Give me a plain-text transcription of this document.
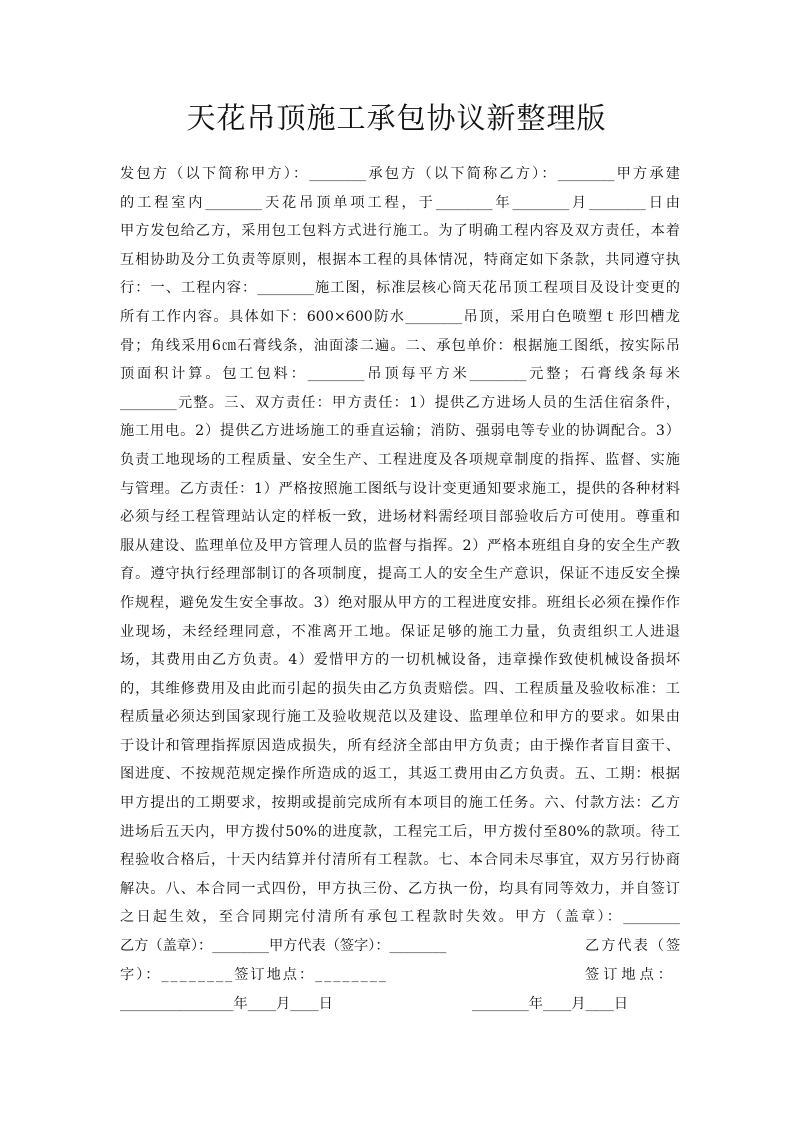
天花吊顶施工承包协议新整理版
发包方（以下简称甲方）：________承包方（以下简称乙方）：________甲方承建
的工程室内________天花吊顶单项工程，于________年________月________日由
甲方发包给乙方，采用包工包料方式进行施工。为了明确工程内容及双方责任，本着
互相协助及分工负责等原则，根据本工程的具体情况，特商定如下条款，共同遵守执
行：一、工程内容：________施工图，标准层核心筒天花吊顶工程项目及设计变更的
所有工作内容。具体如下：600×600防水________吊顶，采用白色喷塑ｔ形凹槽龙
骨；角线采用6㎝石膏线条，油面漆二遍。二、承包单价：根据施工图纸，按实际吊
顶面积计算。包工包料：________吊顶每平方米________元整；石膏线条每米
________元整。三、双方责任：甲方责任：1）提供乙方进场人员的生活住宿条件，
施工用电。2）提供乙方进场施工的垂直运输；消防、强弱电等专业的协调配合。3）
负责工地现场的工程质量、安全生产、工程进度及各项规章制度的指挥、监督、实施
与管理。乙方责任：1）严格按照施工图纸与设计变更通知要求施工，提供的各种材料
必须与经工程管理站认定的样板一致，进场材料需经项目部验收后方可使用。尊重和
服从建设、监理单位及甲方管理人员的监督与指挥。2）严格本班组自身的安全生产教
育。遵守执行经理部制订的各项制度，提高工人的安全生产意识，保证不违反安全操
作规程，避免发生安全事故。3）绝对服从甲方的工程进度安排。班组长必须在操作作
业现场，未经经理同意，不准离开工地。保证足够的施工力量，负责组织工人进退
场，其费用由乙方负责。4）爱惜甲方的一切机械设备，违章操作致使机械设备损坏
的，其维修费用及由此而引起的损失由乙方负责赔偿。四、工程质量及验收标准：工
程质量必须达到国家现行施工及验收规范以及建设、监理单位和甲方的要求。如果由
于设计和管理指挥原因造成损失，所有经济全部由甲方负责；由于操作者盲目蛮干、
图进度、不按规范规定操作所造成的返工，其返工费用由乙方负责。五、工期：根据
甲方提出的工期要求，按期或提前完成所有本项目的施工任务。六、付款方法：乙方
进场后五天内，甲方拨付50%的进度款，工程完工后，甲方拨付至80%的款项。待工
程验收合格后，十天内结算并付清所有工程款。七、本合同未尽事宜，双方另行协商
解决。八、本合同一式四份，甲方执三份、乙方执一份，均具有同等效力，并自签订
之日起生效，至合同期完付清所有承包工程款时失效。甲方（盖章）：________
乙方（盖章）：________甲方代表（签字）：________	乙方代表（签
字）：________签订地点：________	签订地点：
________________年____月____日	________年____月____日
